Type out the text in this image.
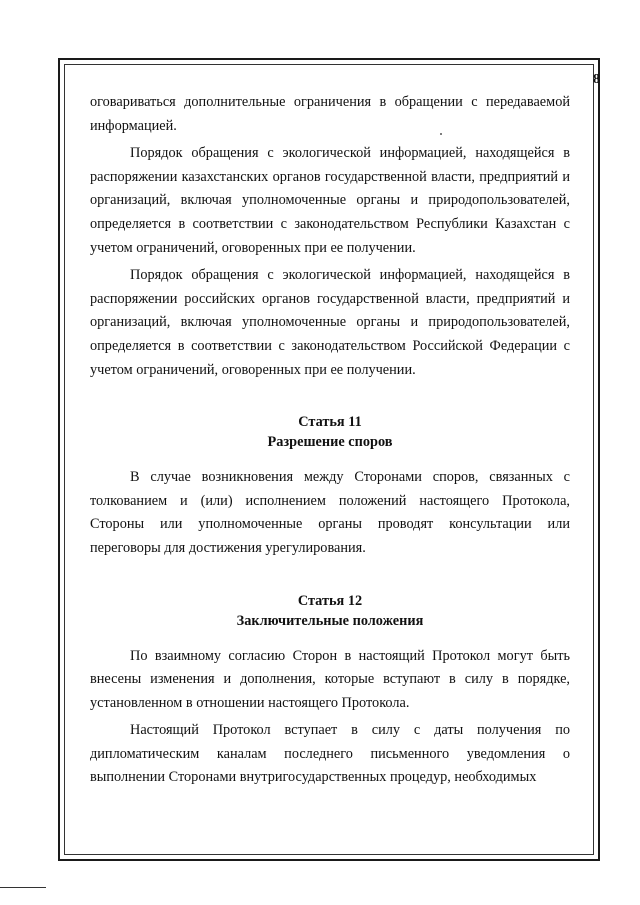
8

оговариваться дополнительные ограничения в обращении с передаваемой информацией.

Порядок обращения с экологической информацией, находящейся в распоряжении казахстанских органов государственной власти, предприятий и организаций, включая уполномоченные органы и природопользователей, определяется в соответствии с законодательством Республики Казахстан с учетом ограничений, оговоренных при ее получении.

Порядок обращения с экологической информацией, находящейся в распоряжении российских органов государственной власти, предприятий и организаций, включая уполномоченные органы и природопользователей, определяется в соответствии с законодательством Российской Федерации с учетом ограничений, оговоренных при ее получении.

Статья 11

Разрешение споров

В случае возникновения между Сторонами споров, связанных с толкованием и (или) исполнением положений настоящего Протокола, Стороны или уполномоченные органы проводят консультации или переговоры для достижения урегулирования.

Статья 12

Заключительные положения

По взаимному согласию Сторон в настоящий Протокол могут быть внесены изменения и дополнения, которые вступают в силу в порядке, установленном в отношении настоящего Протокола.

Настоящий Протокол вступает в силу с даты получения по дипломатическим каналам последнего письменного уведомления о выполнении Сторонами внутригосударственных процедур, необходимых
